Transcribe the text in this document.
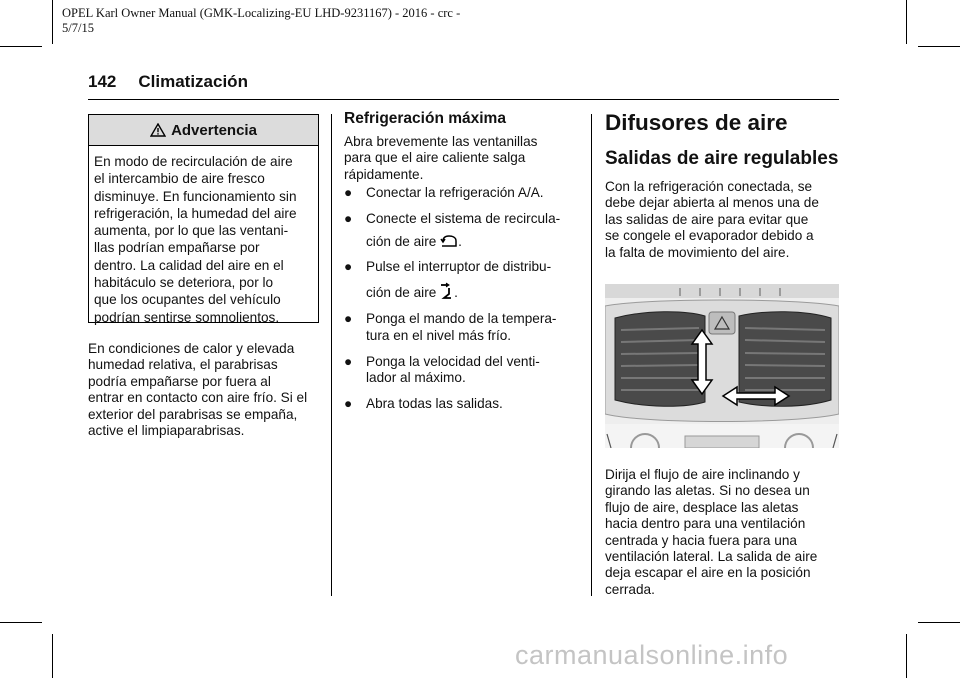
OPEL Karl Owner Manual (GMK-Localizing-EU LHD-9231167) - 2016 - crc -
5/7/15
142 Climatización
Advertencia
En modo de recirculación de aire
el intercambio de aire fresco
disminuye. En funcionamiento sin
refrigeración, la humedad del aire
aumenta, por lo que las ventani-
llas podrían empañarse por
dentro. La calidad del aire en el
habitáculo se deteriora, por lo
que los ocupantes del vehículo
podrían sentirse somnolientos.
En condiciones de calor y elevada
humedad relativa, el parabrisas
podría empañarse por fuera al
entrar en contacto con aire frío. Si el
exterior del parabrisas se empaña,
active el limpiaparabrisas.
Refrigeración máxima
Abra brevemente las ventanillas
para que el aire caliente salga
rápidamente.
● Conectar la refrigeración A/A.
● Conecte el sistema de recircula-
ción de aire .
● Pulse el interruptor de distribu-
ción de aire .
● Ponga el mando de la tempera-
tura en el nivel más frío.
● Ponga la velocidad del venti-
lador al máximo.
● Abra todas las salidas.
Difusores de aire
Salidas de aire regulables
Con la refrigeración conectada, se
debe dejar abierta al menos una de
las salidas de aire para evitar que
se congele el evaporador debido a
la falta de movimiento del aire.
Dirija el flujo de aire inclinando y
girando las aletas. Si no desea un
flujo de aire, desplace las aletas
hacia dentro para una ventilación
centrada y hacia fuera para una
ventilación lateral. La salida de aire
deja escapar el aire en la posición
cerrada.
carmanualsonline.info
